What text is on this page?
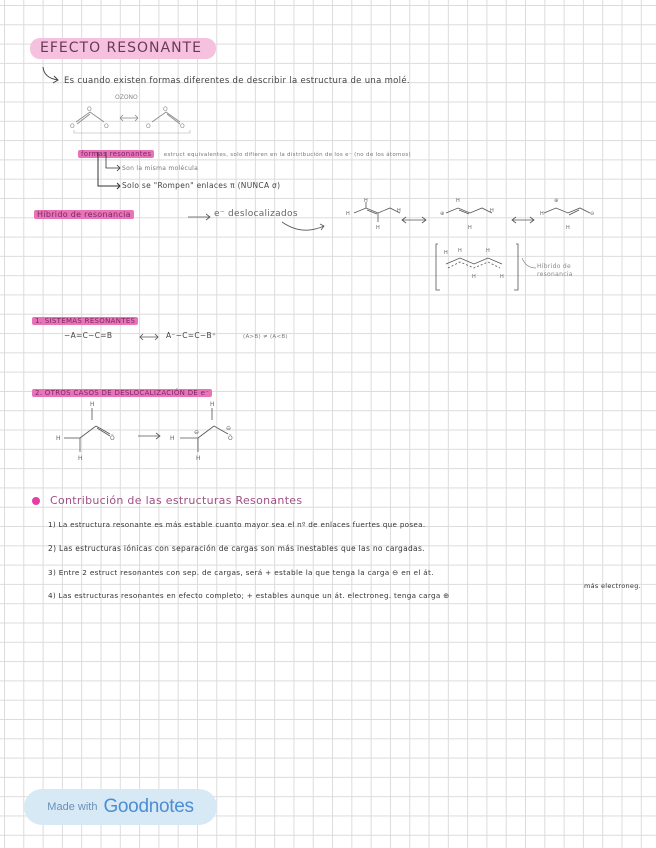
EFECTO RESONANTE
Es cuando existen formas diferentes de describir la estructura de una molé.
OZONO
O
O
O	O
O
O
formas resonantes estruct equivalentes, solo difieren en la distribución de los e⁻ (no de los átomos)
Son la misma molécula
Solo se "Rompen" enlaces π (NUNCA σ)
Híbrido de resonancia	e⁻ deslocalizados	H
H
H
H	⊕
H
H
H	H
⊕
H
⊖
H H	H
H	H
Híbrido de resonancia
1. SISTEMAS RESONANTES
−A=C−C=B	A⁻−C=C−B⁺	(A>B) ≠ (A<B)
2. OTROS CASOS DE DESLOCALIZACIÓN DE e⁻
H
H
H
Ö	H
H
H
Ö
⊖
⊖
Contribución de las estructuras Resonantes
1) La estructura resonante es más estable cuanto mayor sea el nº de enlaces fuertes que posea.
2) Las estructuras iónicas con separación de cargas son más inestables que las no cargadas.
3) Entre 2 estruct resonantes con sep. de cargas, será + estable la que tenga la carga ⊖ en el át.
más electroneg.
4) Las estructuras resonantes en efecto completo; + estables aunque un át. electroneg. tenga carga ⊕
Made with Goodnotes
